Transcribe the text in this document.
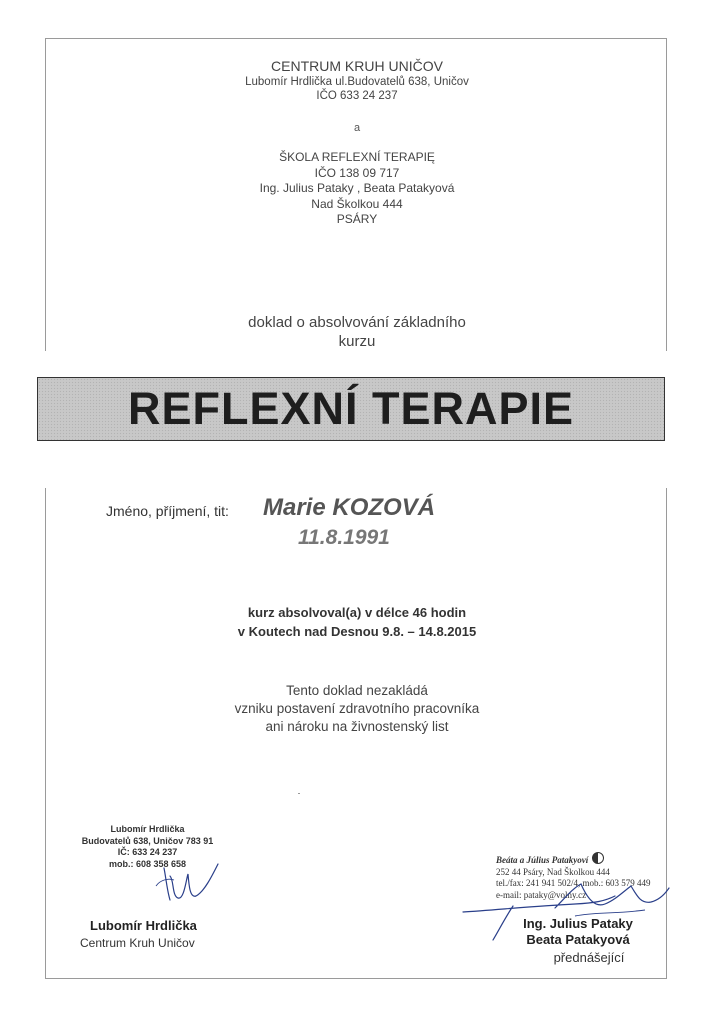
CENTRUM KRUH UNIČOV
Lubomír Hrdlička ul.Budovatelů 638, Uničov
IČO 633 24 237
a
ŠKOLA REFLEXNÍ TERAPIĘ
IČO 138 09 717
Ing. Julius Pataky , Beata Patakyová
Nad Školkou 444
PSÁRY
doklad o absolvování základního
kurzu
REFLEXNÍ TERAPIE
Jméno, příjmení, tit: Marie KOZOVÁ
11.8.1991
kurz absolvoval(a) v délce 46 hodin
v Koutech nad Desnou 9.8. – 14.8.2015
Tento doklad nezakládá
vzniku postavení zdravotního pracovníka
ani nároku na živnostenský list
Lubomír Hrdlička
Budovatelů 638, Uničov 783 91
IČ: 633 24 237
mob.: 608 358 658
Lubomír Hrdlička
Centrum Kruh Uničov
Beáta a Július Patakyoví
252 44 Psáry, Nad Školkou 444
tel./fax: 241 941 502/4, mob.: 603 579 449
e-mail: pataky@volny.cz
Ing. Julius Pataky
Beata Patakyová
přednášející
